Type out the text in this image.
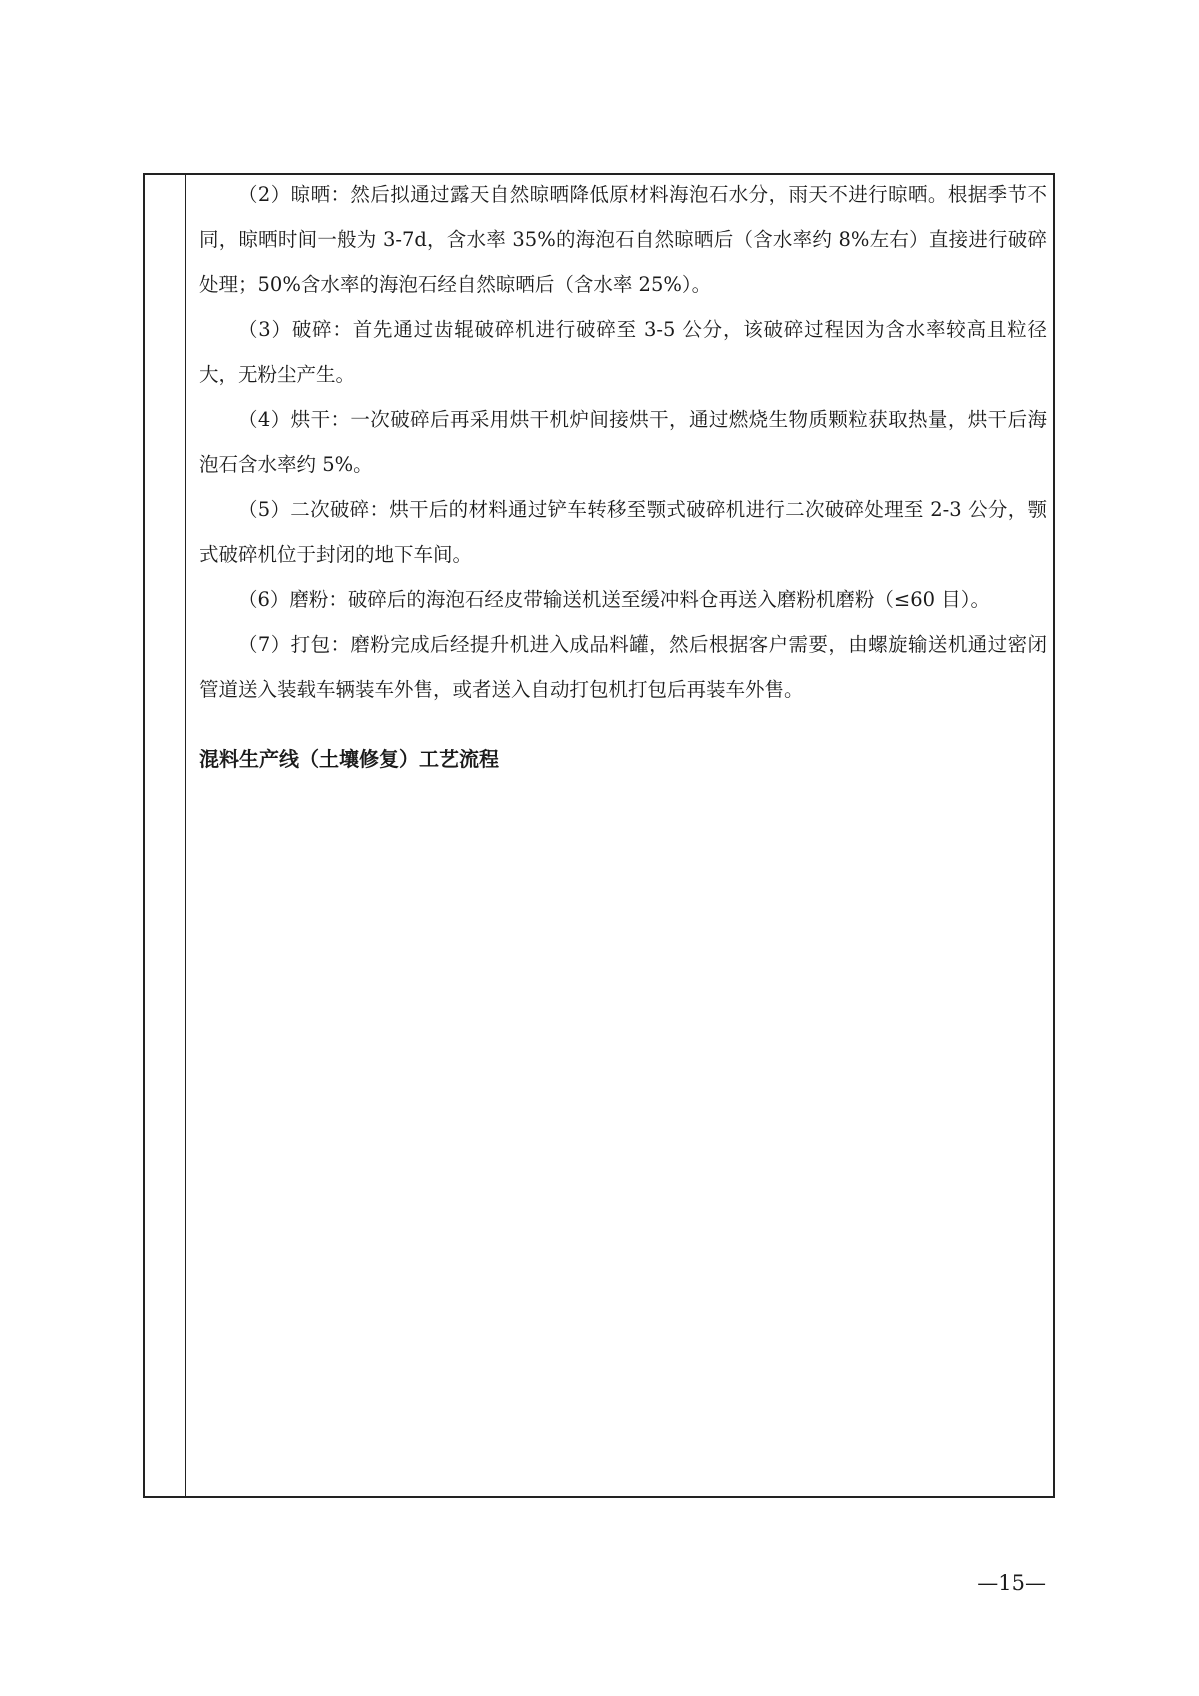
（2）晾晒：然后拟通过露天自然晾晒降低原材料海泡石水分，雨天不进行晾晒。根据季节不同，晾晒时间一般为 3-7d，含水率 35%的海泡石自然晾晒后（含水率约 8%左右）直接进行破碎处理；50%含水率的海泡石经自然晾晒后（含水率 25%）。

（3）破碎：首先通过齿辊破碎机进行破碎至 3-5 公分，该破碎过程因为含水率较高且粒径大，无粉尘产生。

（4）烘干：一次破碎后再采用烘干机炉间接烘干，通过燃烧生物质颗粒获取热量，烘干后海泡石含水率约 5%。

（5）二次破碎：烘干后的材料通过铲车转移至颚式破碎机进行二次破碎处理至 2-3 公分，颚式破碎机位于封闭的地下车间。

（6）磨粉：破碎后的海泡石经皮带输送机送至缓冲料仓再送入磨粉机磨粉（≤60 目）。

（7）打包：磨粉完成后经提升机进入成品料罐，然后根据客户需要，由螺旋输送机通过密闭管道送入装载车辆装车外售，或者送入自动打包机打包后再装车外售。

混料生产线（土壤修复）工艺流程

—15—
